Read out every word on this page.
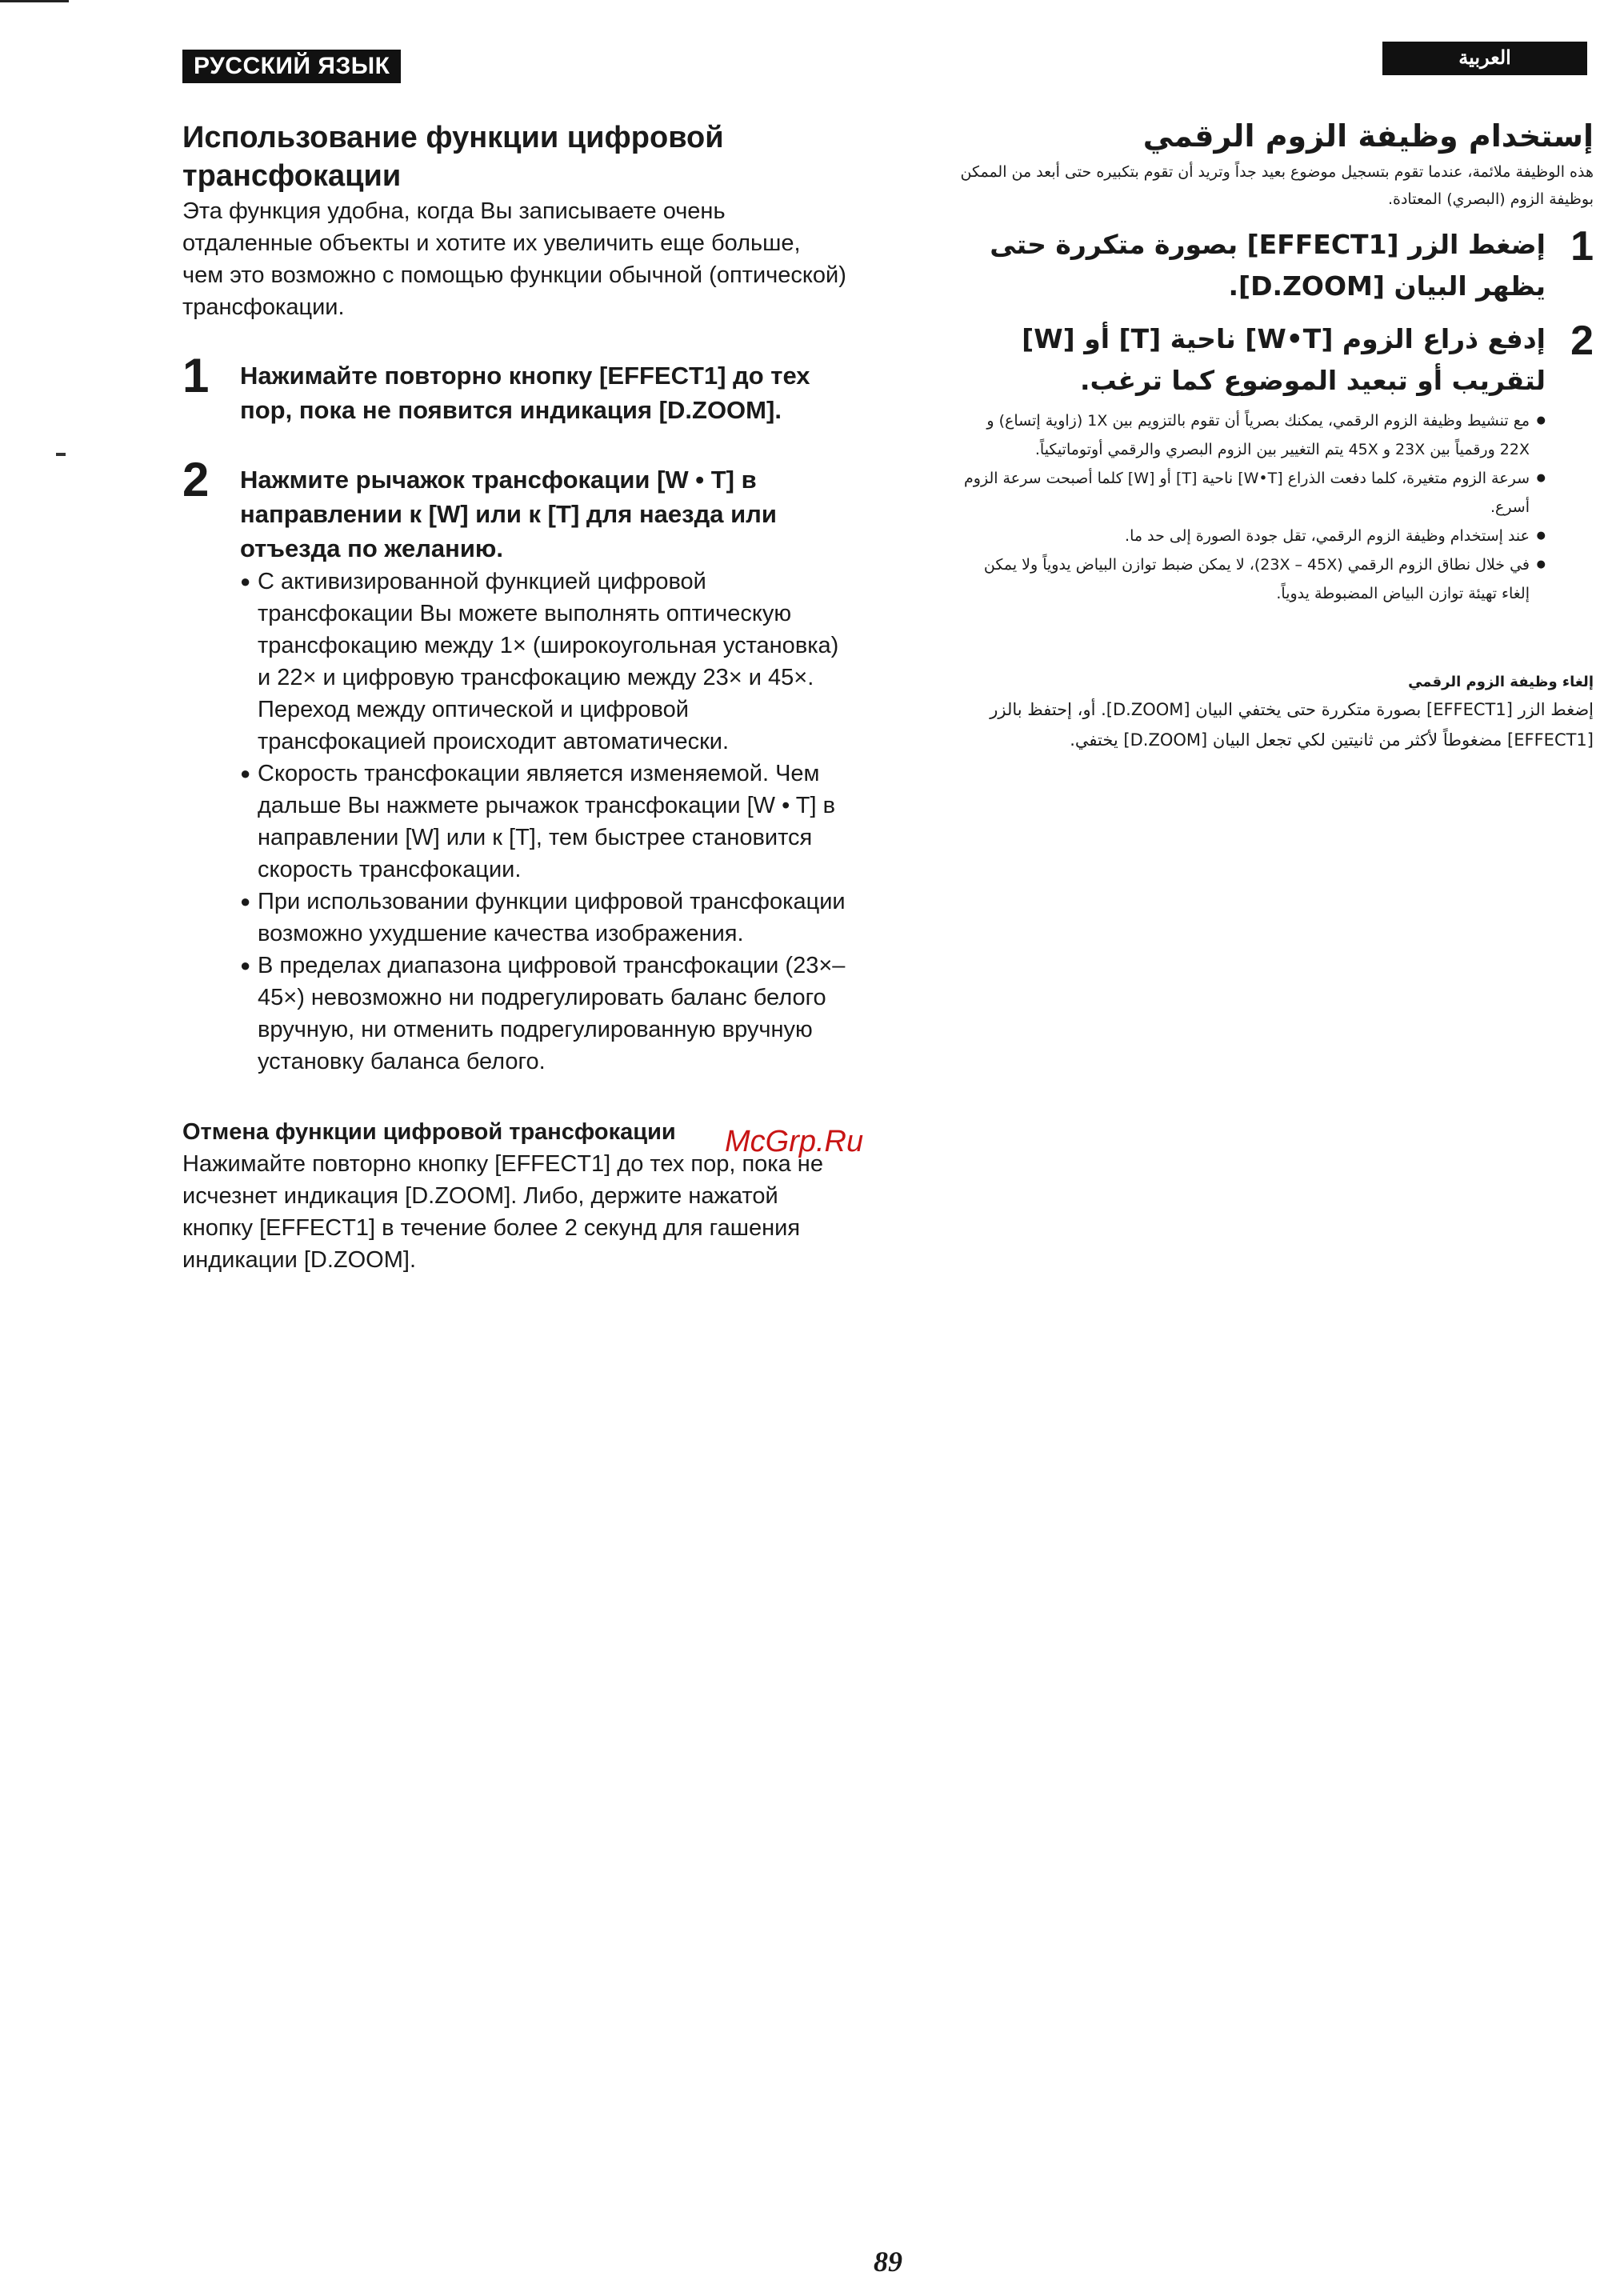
РУССКИЙ ЯЗЫК	العربية
Использование функции цифровой трансфокации

Эта функция удобна, когда Вы записываете очень отдаленные объекты и хотите их увеличить еще больше, чем это возможно с помощью функции обычной (оптической) трансфокации.

1 Нажимайте повторно кнопку [EFFECT1] до тех пор, пока не появится индикация [D.ZOOM].
2 Нажмите рычажок трансфокации [W • T] в направлении к [W] или к [T] для наезда или отъезда по желанию.
● С активизированной функцией цифровой трансфокации Вы можете выполнять оптическую трансфокацию между 1× (широкоугольная установка) и 22× и цифровую трансфокацию между 23× и 45×. Переход между оптической и цифровой трансфокацией происходит автоматически.
● Скорость трансфокации является изменяемой. Чем дальше Вы нажмете рычажок трансфокации [W • T] в направлении [W] или к [T], тем быстрее становится скорость трансфокации.
● При использовании функции цифровой трансфокации возможно ухудшение качества изображения.
● В пределах диапазона цифровой трансфокации (23×–45×) невозможно ни подрегулировать баланс белого вручную, ни отменить подрегулированную вручную установку баланса белого.
Отмена функции цифровой трансфокации
Нажимайте повторно кнопку [EFFECT1] до тех пор, пока не исчезнет индикация [D.ZOOM]. Либо, держите нажатой кнопку [EFFECT1] в течение более 2 секунд для гашения индикации [D.ZOOM].
إستخدام وظيفة الزوم الرقمي
هذه الوظيفة ملائمة، عندما تقوم بتسجيل موضوع بعيد جداً وتريد أن تقوم بتكبيره حتى أبعد من الممكن بوظيفة الزوم (البصري) المعتادة.
1
إضغط الزر [EFFECT1] بصورة متكررة حتى يظهر البيان [D.ZOOM].
2
إدفع ذراع الزوم [W•T] ناحية [T] أو [W] لتقريب أو تبعيد الموضوع كما ترغب.
● مع تنشيط وظيفة الزوم الرقمي، يمكنك بصرياً أن تقوم بالتزويم بين 1X (زاوية إتساع) و 22X ورقمياً بين 23X و 45X يتم التغيير بين الزوم البصري والرقمي أوتوماتيكياً.
● سرعة الزوم متغيرة، كلما دفعت الذراع [W•T] ناحية [T] أو [W] كلما أصبحت سرعة الزوم أسرع.
● عند إستخدام وظيفة الزوم الرقمي، تقل جودة الصورة إلى حد ما.
● في خلال نطاق الزوم الرقمي (23X – 45X)، لا يمكن ضبط توازن البياض يدوياً ولا يمكن إلغاء تهيئة توازن البياض المضبوطة يدوياً.
إلغاء وظيفة الزوم الرقمي
إضغط الزر [EFFECT1] بصورة متكررة حتى يختفي البيان [D.ZOOM]. أو، إحتفظ بالزر [EFFECT1] مضغوطاً لأكثر من ثانيتين لكي تجعل البيان [D.ZOOM] يختفي.
McGrp.Ru
89
